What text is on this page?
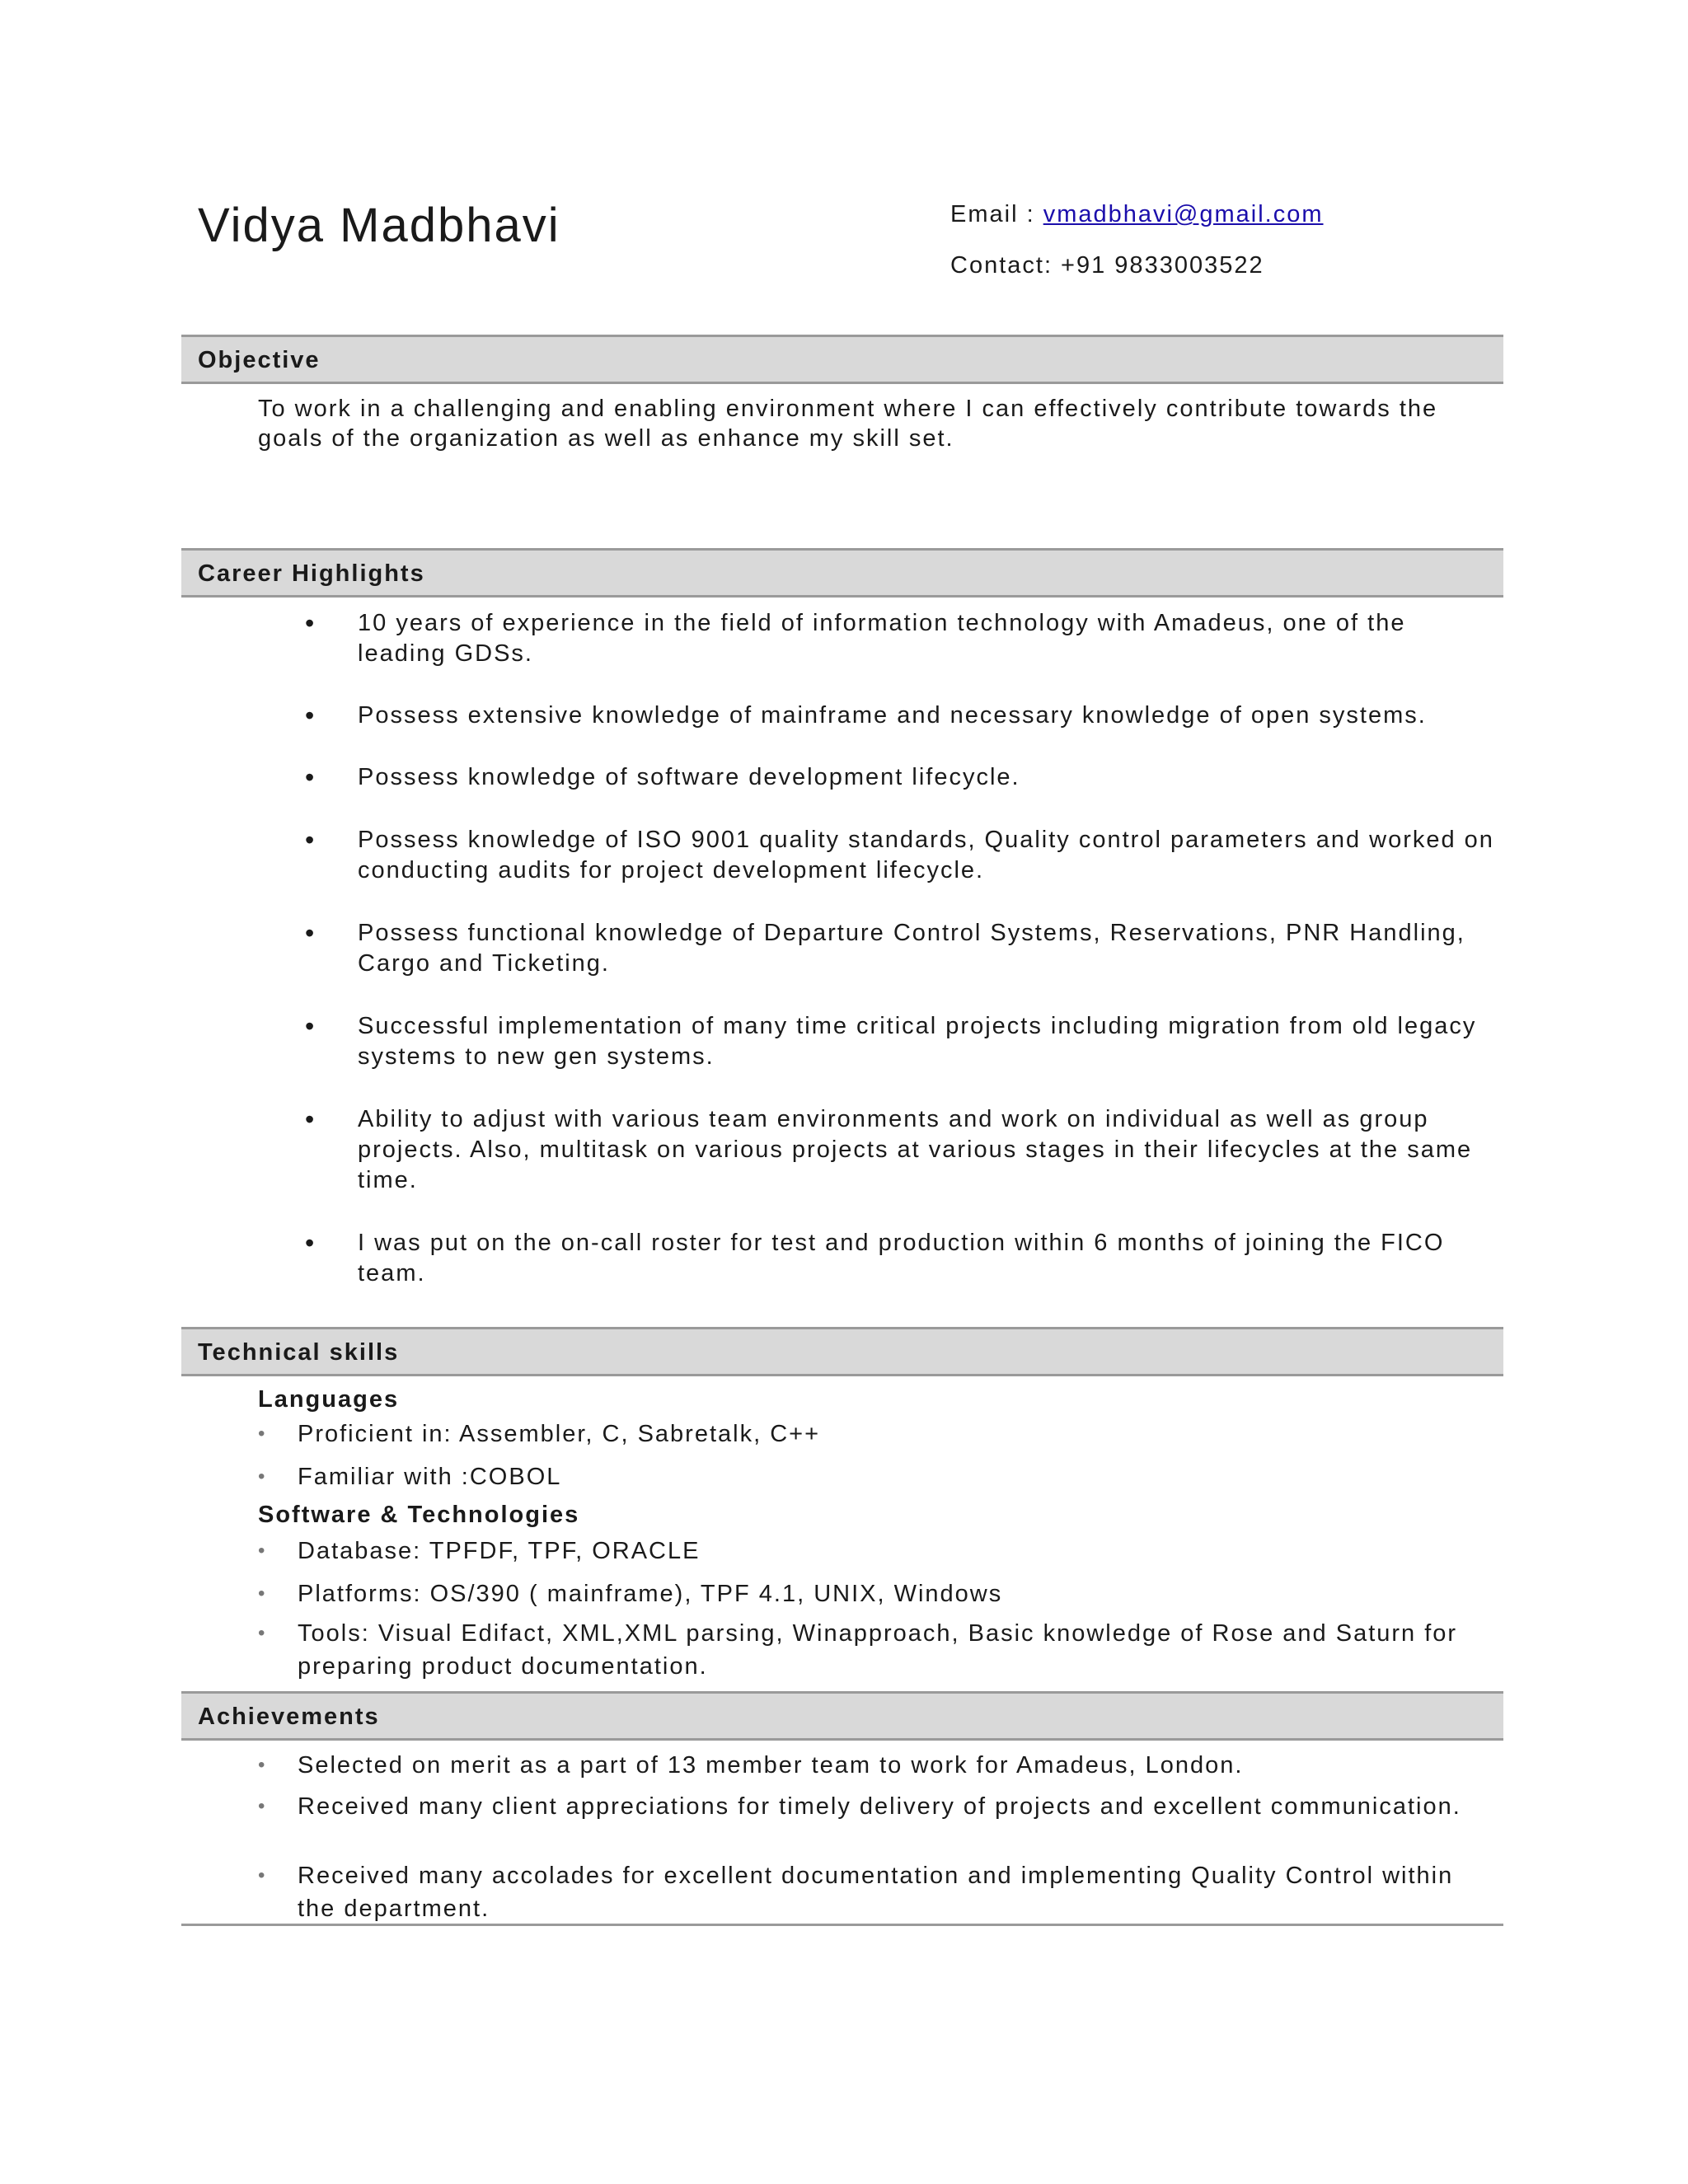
Vidya Madbhavi	Email : vmadbhavi@gmail.com
Contact: +91 9833003522
Objective
To work in a challenging and enabling environment where I can effectively contribute towards the
goals of the organization as well as enhance my skill set.
Career Highlights
• 10 years of experience in the field of information technology with Amadeus, one of the leading GDSs.
• Possess extensive knowledge of mainframe and necessary knowledge of open systems.
• Possess knowledge of software development lifecycle.
• Possess knowledge of ISO 9001 quality standards, Quality control parameters and worked on conducting audits for project development lifecycle.
• Possess functional knowledge of Departure Control Systems, Reservations, PNR Handling, Cargo and Ticketing.
• Successful implementation of many time critical projects including migration from old legacy systems to new gen systems.
• Ability to adjust with various team environments and work on individual as well as group projects. Also, multitask on various projects at various stages in their lifecycles at the same time.
• I was put on the on-call roster for test and production within 6 months of joining the FICO team.
Technical skills
Languages
• Proficient in: Assembler, C, Sabretalk, C++
• Familiar with :COBOL
Software & Technologies
• Database: TPFDF, TPF, ORACLE
• Platforms: OS/390 ( mainframe), TPF 4.1, UNIX, Windows
• Tools: Visual Edifact, XML,XML parsing, Winapproach, Basic knowledge of Rose and Saturn for preparing product documentation.
Achievements
• Selected on merit as a part of 13 member team to work for Amadeus, London.
• Received many client appreciations for timely delivery of projects and excellent communication.
• Received many accolades for excellent documentation and implementing Quality Control within the department.
